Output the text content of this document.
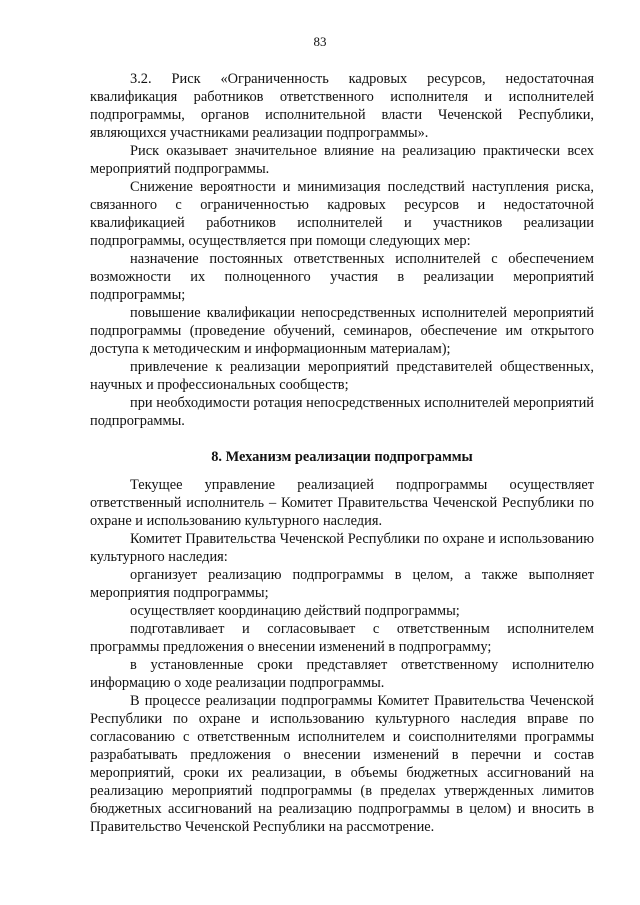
83

3.2. Риск «Ограниченность кадровых ресурсов, недостаточная квалификация работников ответственного исполнителя и исполнителей подпрограммы, органов исполнительной власти Чеченской Республики, являющихся участниками реализации подпрограммы».

Риск оказывает значительное влияние на реализацию практически всех мероприятий подпрограммы.

Снижение вероятности и минимизация последствий наступления риска, связанного с ограниченностью кадровых ресурсов и недостаточной квалификацией работников исполнителей и участников реализации подпрограммы, осуществляется при помощи следующих мер:

назначение постоянных ответственных исполнителей с обеспечением возможности их полноценного участия в реализации мероприятий подпрограммы;

повышение квалификации непосредственных исполнителей мероприятий подпрограммы (проведение обучений, семинаров, обеспечение им открытого доступа к методическим и информационным материалам);

привлечение к реализации мероприятий представителей общественных, научных и профессиональных сообществ;

при необходимости ротация непосредственных исполнителей мероприятий подпрограммы.

8. Механизм реализации подпрограммы

Текущее управление реализацией подпрограммы осуществляет ответственный исполнитель – Комитет Правительства Чеченской Республики по охране и использованию культурного наследия.

Комитет Правительства Чеченской Республики по охране и использованию культурного наследия:

организует реализацию подпрограммы в целом, а также выполняет мероприятия подпрограммы;

осуществляет координацию действий подпрограммы;

подготавливает и согласовывает с ответственным исполнителем программы предложения о внесении изменений в подпрограмму;

в установленные сроки представляет ответственному исполнителю информацию о ходе реализации подпрограммы.

В процессе реализации подпрограммы Комитет Правительства Чеченской Республики по охране и использованию культурного наследия вправе по согласованию с ответственным исполнителем и соисполнителями программы разрабатывать предложения о внесении изменений в перечни и состав мероприятий, сроки их реализации, в объемы бюджетных ассигнований на реализацию мероприятий подпрограммы (в пределах утвержденных лимитов бюджетных ассигнований на реализацию подпрограммы в целом) и вносить в Правительство Чеченской Республики на рассмотрение.
